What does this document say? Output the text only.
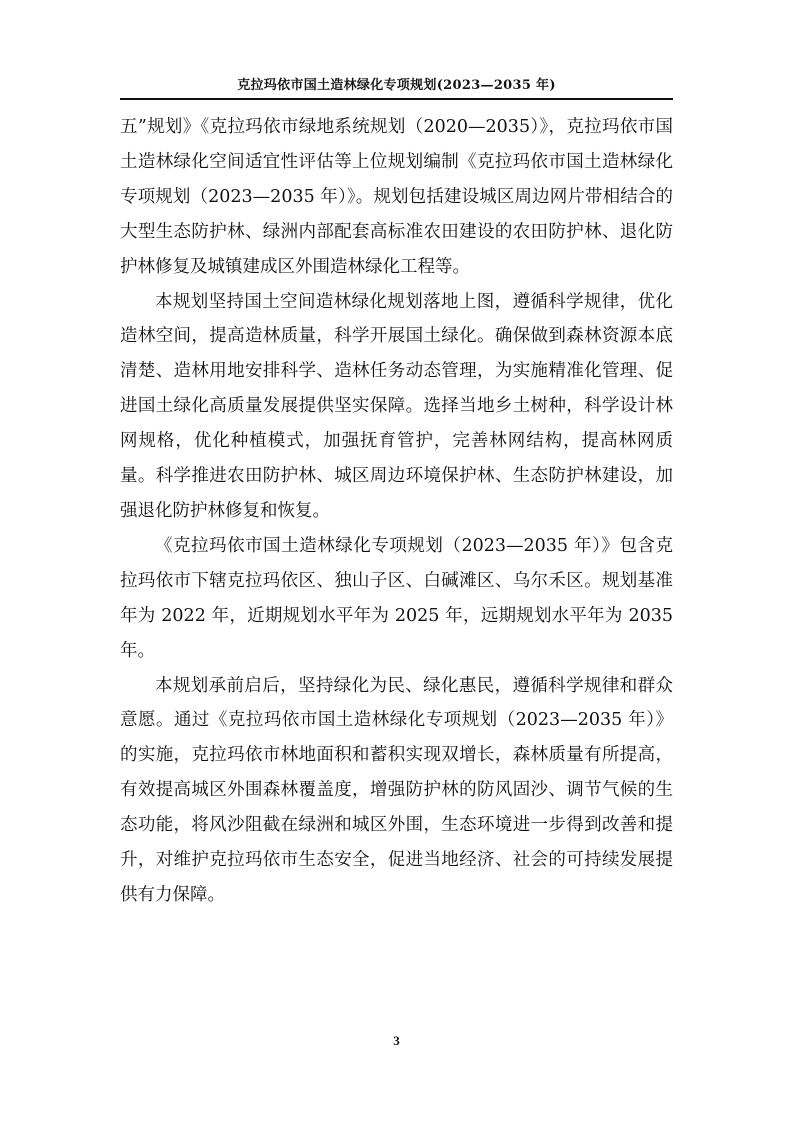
克拉玛依市国土造林绿化专项规划(2023—2035 年)

五”规划》《克拉玛依市绿地系统规划（2020—2035）》，克拉玛依市国土造林绿化空间适宜性评估等上位规划编制《克拉玛依市国土造林绿化专项规划（2023—2035 年）》。规划包括建设城区周边网片带相结合的大型生态防护林、绿洲内部配套高标准农田建设的农田防护林、退化防护林修复及城镇建成区外围造林绿化工程等。

本规划坚持国土空间造林绿化规划落地上图，遵循科学规律，优化造林空间，提高造林质量，科学开展国土绿化。确保做到森林资源本底清楚、造林用地安排科学、造林任务动态管理，为实施精准化管理、促进国土绿化高质量发展提供坚实保障。选择当地乡土树种，科学设计林网规格，优化种植模式，加强抚育管护，完善林网结构，提高林网质量。科学推进农田防护林、城区周边环境保护林、生态防护林建设，加强退化防护林修复和恢复。

《克拉玛依市国土造林绿化专项规划（2023—2035 年）》包含克拉玛依市下辖克拉玛依区、独山子区、白碱滩区、乌尔禾区。规划基准年为 2022 年，近期规划水平年为 2025 年，远期规划水平年为 2035 年。

本规划承前启后，坚持绿化为民、绿化惠民，遵循科学规律和群众意愿。通过《克拉玛依市国土造林绿化专项规划（2023—2035 年）》的实施，克拉玛依市林地面积和蓄积实现双增长，森林质量有所提高，有效提高城区外围森林覆盖度，增强防护林的防风固沙、调节气候的生态功能，将风沙阻截在绿洲和城区外围，生态环境进一步得到改善和提升，对维护克拉玛依市生态安全，促进当地经济、社会的可持续发展提供有力保障。

3
